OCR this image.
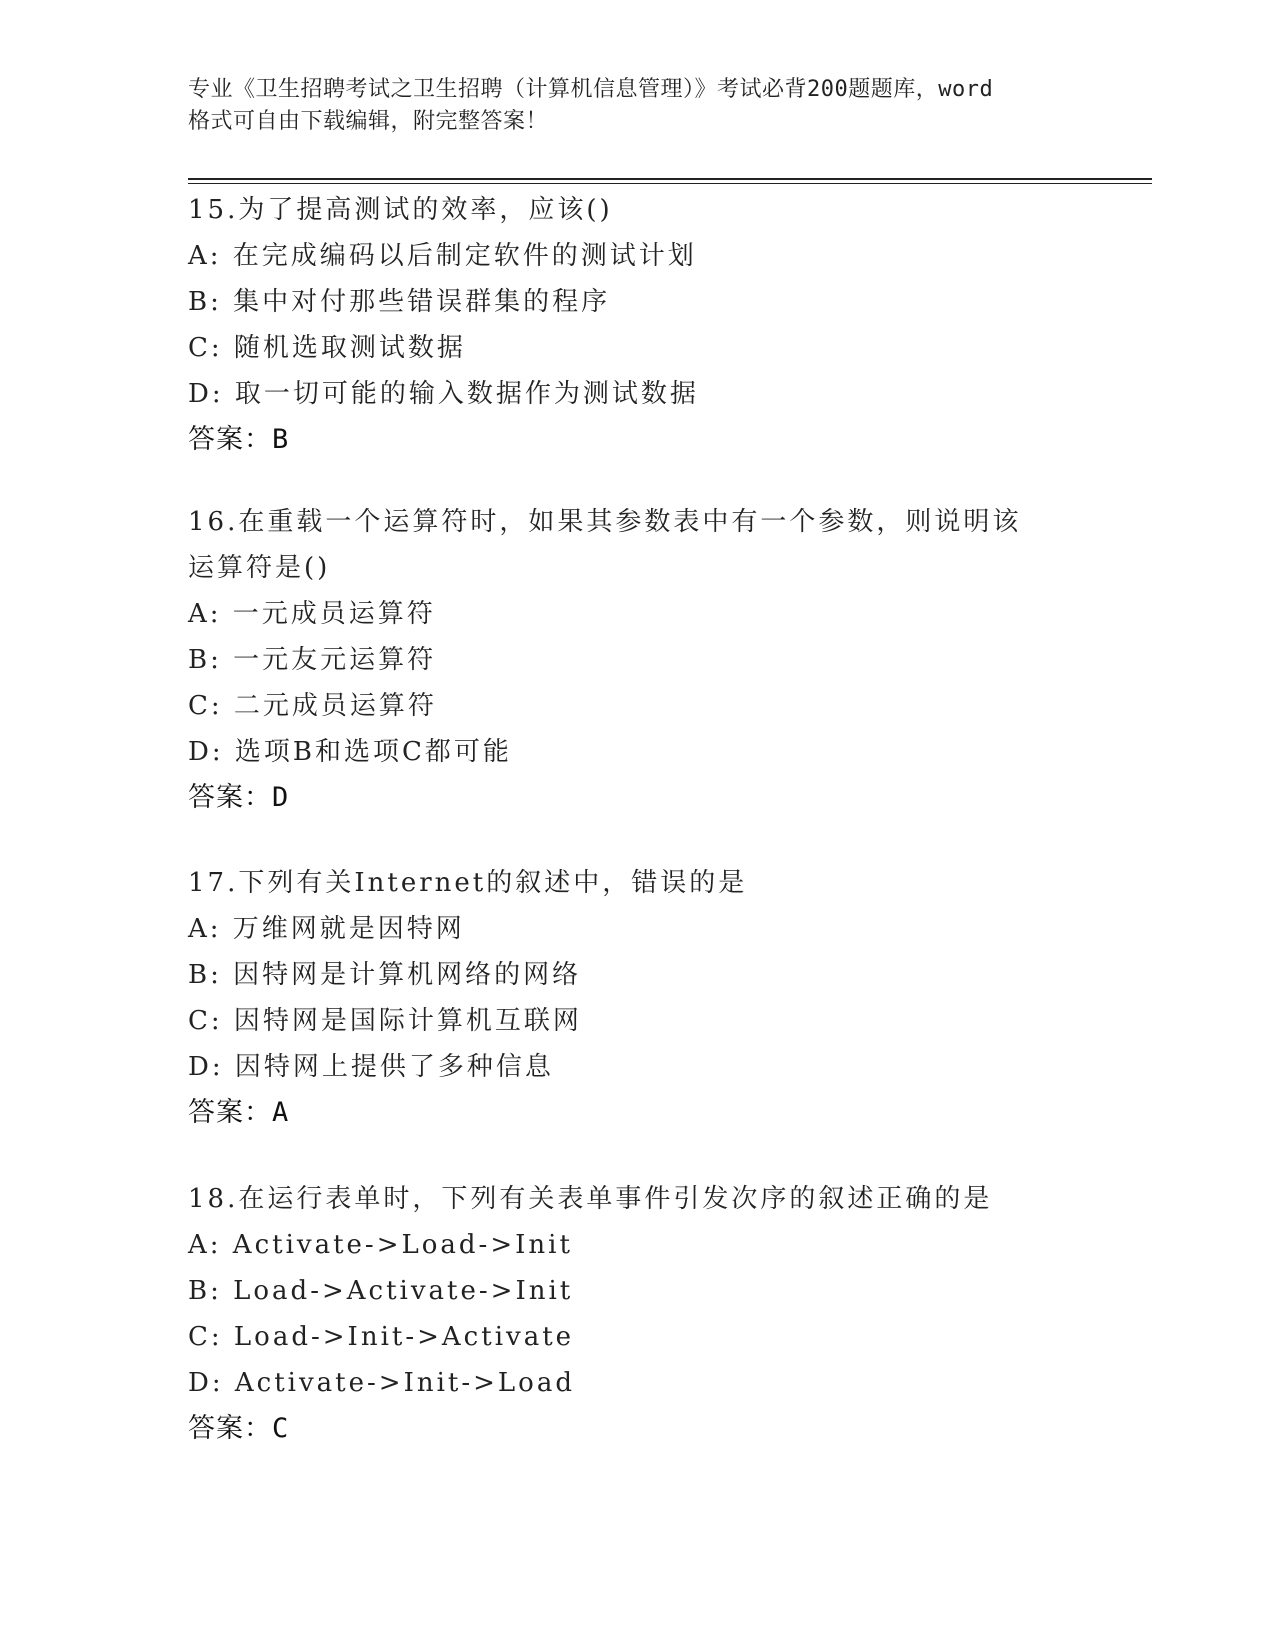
专业《卫生招聘考试之卫生招聘（计算机信息管理）》考试必背200题题库，word
格式可自由下载编辑，附完整答案！
15.为了提高测试的效率，应该()
A: 在完成编码以后制定软件的测试计划
B: 集中对付那些错误群集的程序
C: 随机选取测试数据
D: 取一切可能的输入数据作为测试数据
答案：B
16.在重载一个运算符时，如果其参数表中有一个参数，则说明该运算符是()
A: 一元成员运算符
B: 一元友元运算符
C: 二元成员运算符
D: 选项B和选项C都可能
答案：D
17.下列有关Internet的叙述中，错误的是
A: 万维网就是因特网
B: 因特网是计算机网络的网络
C: 因特网是国际计算机互联网
D: 因特网上提供了多种信息
答案：A
18.在运行表单时，下列有关表单事件引发次序的叙述正确的是
A: Activate->Load->Init
B: Load->Activate->Init
C: Load->Init->Activate
D: Activate->Init->Load
答案：C
